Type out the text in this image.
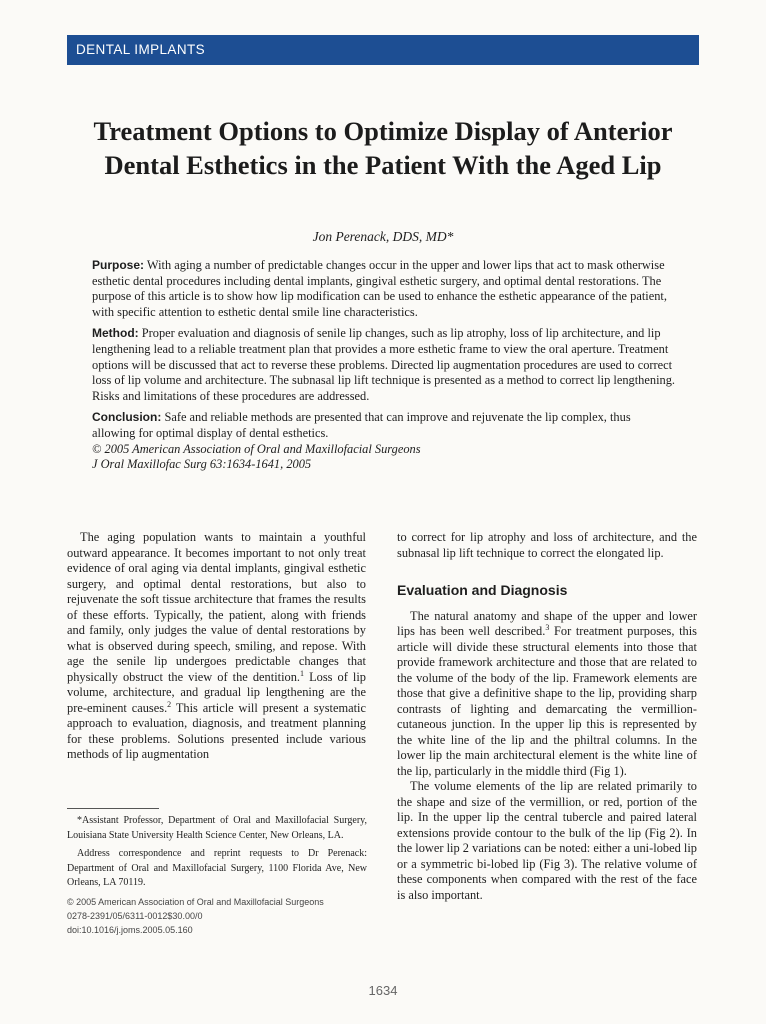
DENTAL IMPLANTS
Treatment Options to Optimize Display of Anterior Dental Esthetics in the Patient With the Aged Lip
Jon Perenack, DDS, MD*

Purpose: With aging a number of predictable changes occur in the upper and lower lips that act to mask otherwise esthetic dental procedures including dental implants, gingival esthetic surgery, and optimal dental restorations. The purpose of this article is to show how lip modification can be used to enhance the esthetic appearance of the patient, with specific attention to esthetic dental smile line characteristics.

Method: Proper evaluation and diagnosis of senile lip changes, such as lip atrophy, loss of lip architecture, and lip lengthening lead to a reliable treatment plan that provides a more esthetic frame to view the oral aperture. Treatment options will be discussed that act to reverse these problems. Directed lip augmentation procedures are used to correct loss of lip volume and architecture. The subnasal lip lift technique is presented as a method to correct lip lengthening. Risks and limitations of these procedures are addressed.

Conclusion: Safe and reliable methods are presented that can improve and rejuvenate the lip complex, thus allowing for optimal display of dental esthetics.

© 2005 American Association of Oral and Maxillofacial Surgeons

J Oral Maxillofac Surg 63:1634-1641, 2005

The aging population wants to maintain a youthful outward appearance. It becomes important to not only treat evidence of oral aging via dental implants, gingival esthetic surgery, and optimal dental restorations, but also to rejuvenate the soft tissue architecture that frames the results of these efforts. Typically, the patient, along with friends and family, only judges the value of dental restorations by what is observed during speech, smiling, and repose. With age the senile lip undergoes predictable changes that physically obstruct the view of the dentition.$^1$ Loss of lip volume, architecture, and gradual lip lengthening are the pre-eminent causes.$^2$ This article will present a systematic approach to evaluation, diagnosis, and treatment planning for these problems. Solutions presented include various methods of lip augmentation

*Assistant Professor, Department of Oral and Maxillofacial Surgery, Louisiana State University Health Science Center, New Orleans, LA.

Address correspondence and reprint requests to Dr Perenack: Department of Oral and Maxillofacial Surgery, 1100 Florida Ave, New Orleans, LA 70119.

© 2005 American Association of Oral and Maxillofacial Surgeons

0278-2391/05/6311-0012$30.00/0

doi:10.1016/j.joms.2005.05.160

to correct for lip atrophy and loss of architecture, and the subnasal lip lift technique to correct the elongated lip.

Evaluation and Diagnosis

The natural anatomy and shape of the upper and lower lips has been well described.$^3$ For treatment purposes, this article will divide these structural elements into those that provide framework architecture and those that are related to the volume of the body of the lip. Framework elements are those that give a definitive shape to the lip, providing sharp contrasts of lighting and demarcating the vermillion-cutaneous junction. In the upper lip this is represented by the white line of the lip and the philtral columns. In the lower lip the main architectural element is the white line of the lip, particularly in the middle third (Fig 1).

The volume elements of the lip are related primarily to the shape and size of the vermillion, or red, portion of the lip. In the upper lip the central tubercle and paired lateral extensions provide contour to the bulk of the lip (Fig 2). In the lower lip 2 variations can be noted: either a uni-lobed lip or a symmetric bi-lobed lip (Fig 3). The relative volume of these components when compared with the rest of the face is also important.

1634
